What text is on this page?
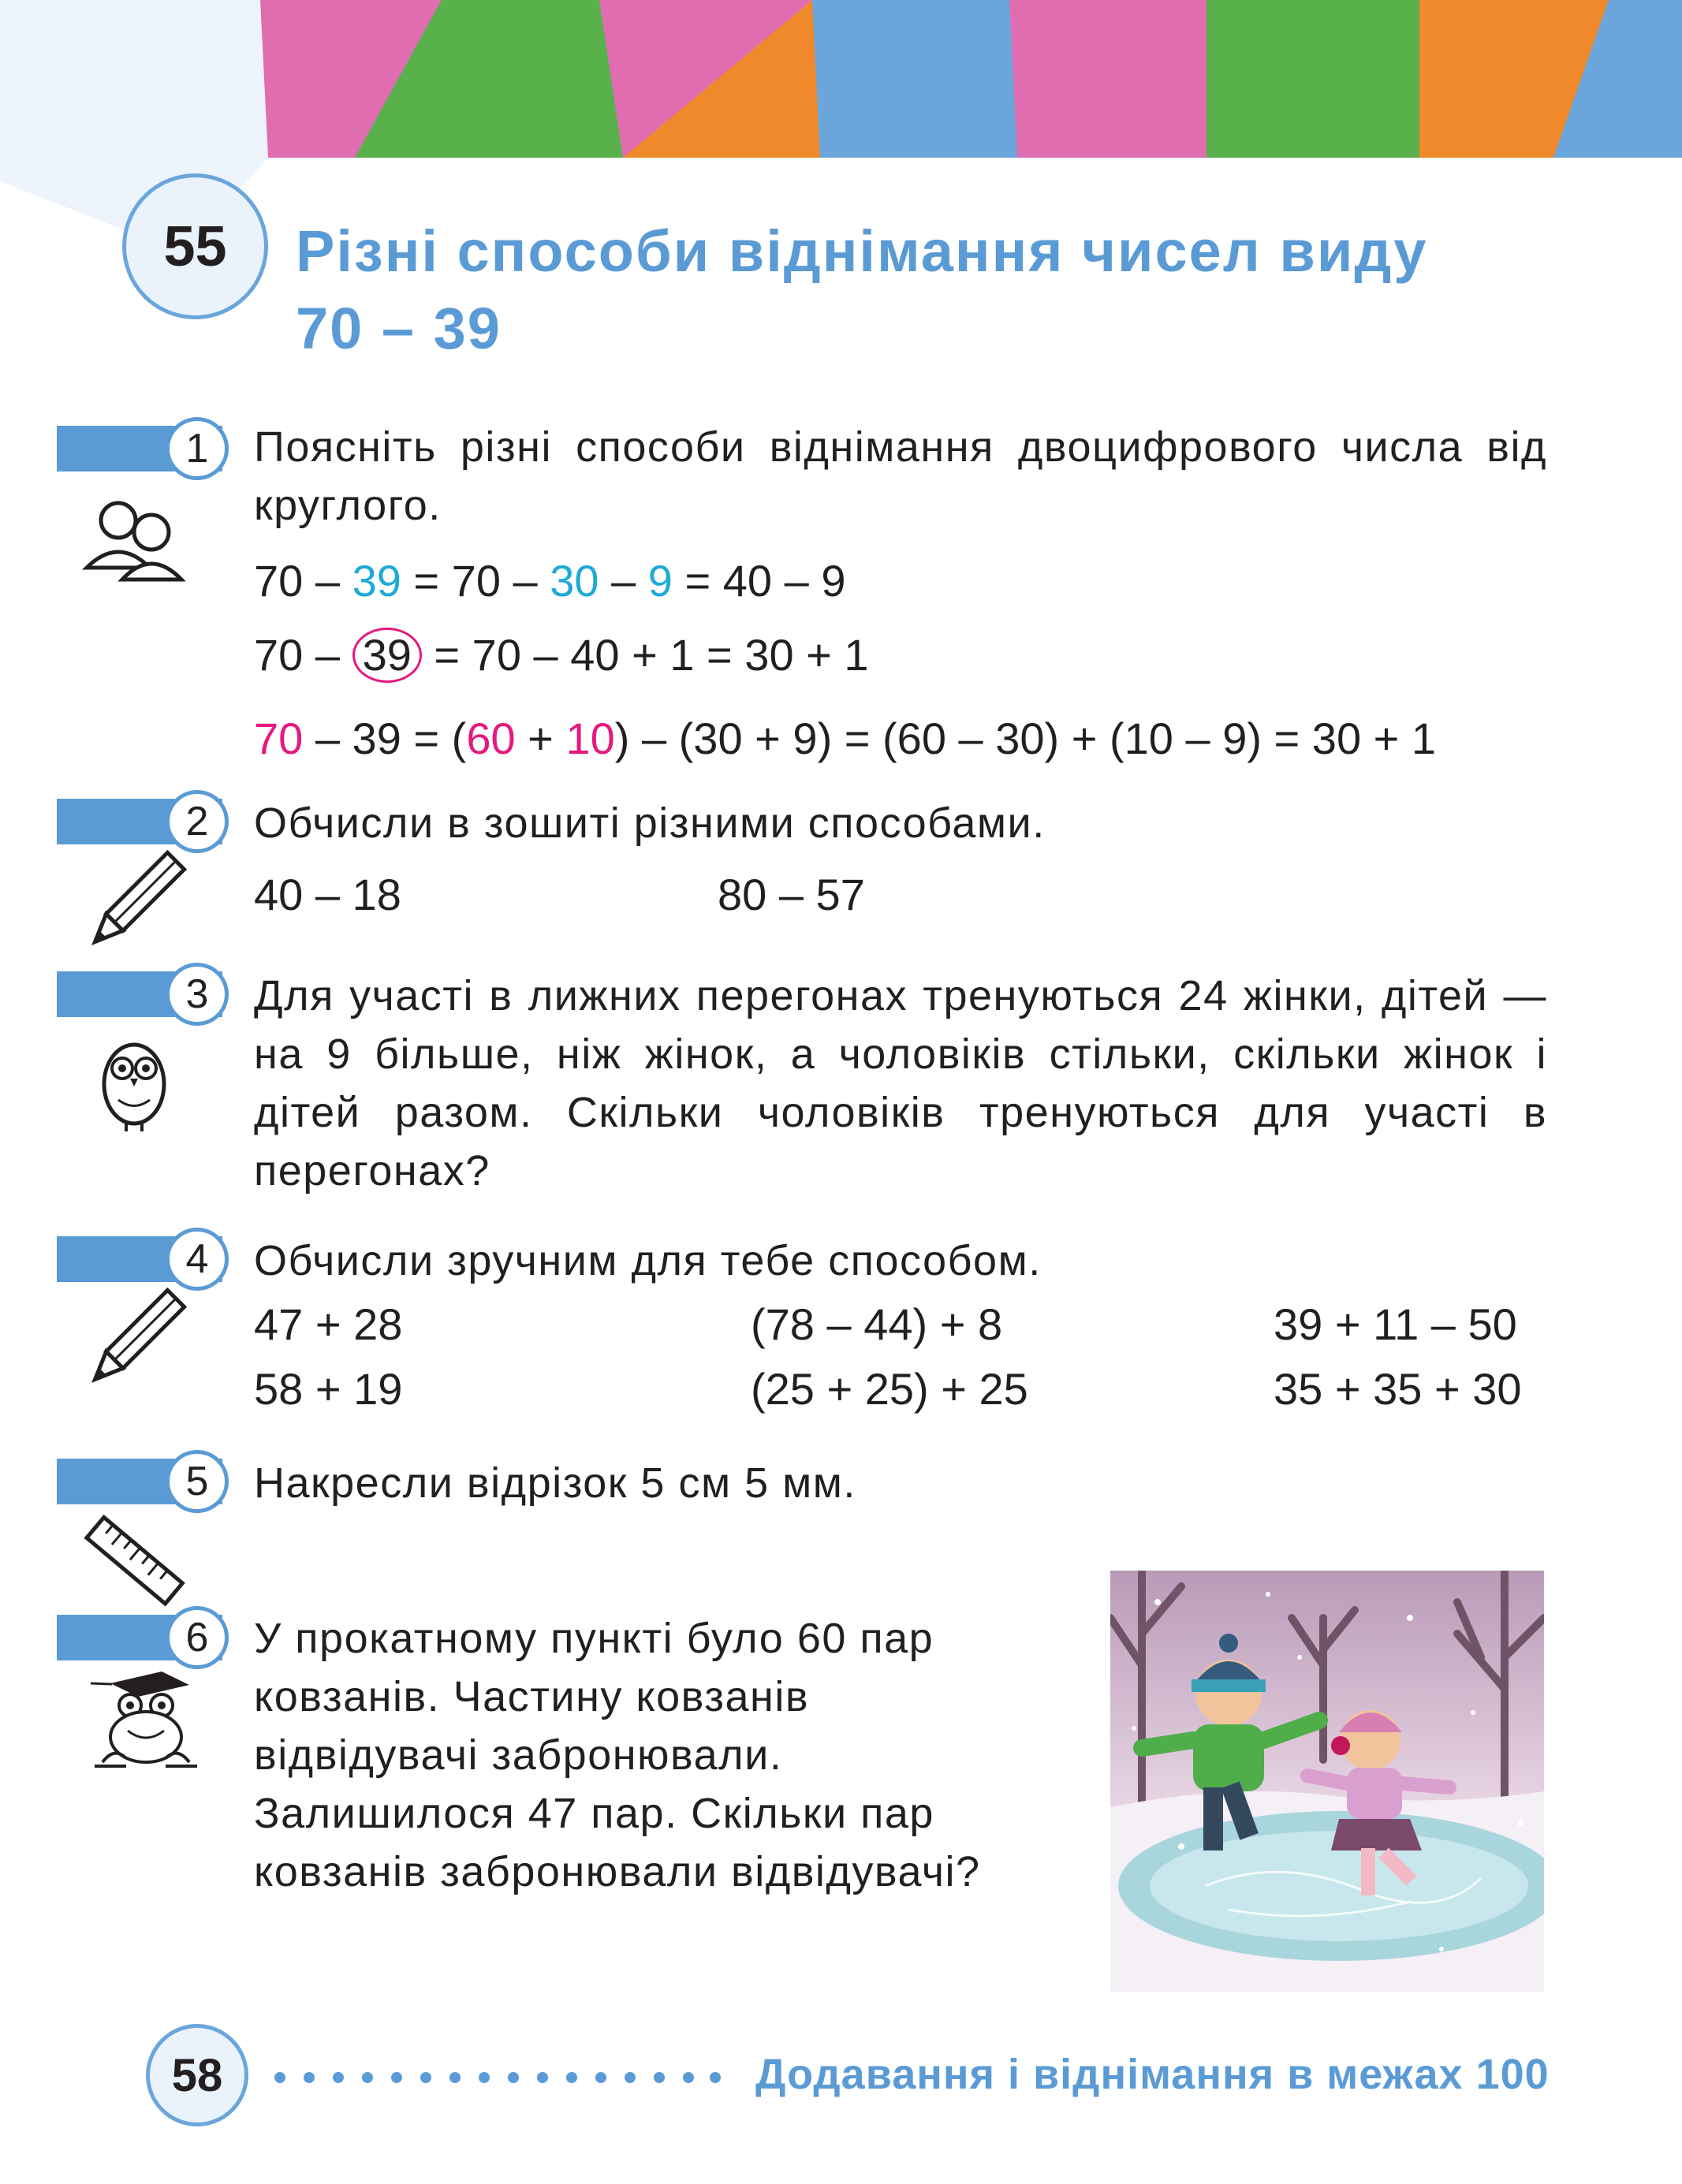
55	Різні способи віднімання чисел виду
70 – 39
1	Поясніть різні способи віднімання двоцифрового числа від круглого.
70 – 39 = 70 – 30 – 9 = 40 – 9
70 – 39 = 70 – 40 + 1 = 30 + 1
70 – 39 = (60 + 10) – (30 + 9) = (60 – 30) + (10 – 9) = 30 + 1
2	Обчисли в зошиті різними способами.
40 – 18	80 – 57
3	Для участі в лижних перегонах тренуються 24 жінки, дітей — на 9 більше, ніж жінок, а чоловіків стільки, скільки жінок і дітей разом. Скільки чоловіків тренуються для участі в перегонах?
4	Обчисли зручним для тебе способом.
47 + 28	(78 – 44) + 8	39 + 11 – 50
58 + 19	(25 + 25) + 25	35 + 35 + 30
5	Накресли відрізок 5 см 5 мм.
6	У прокатному пункті було 60 пар
ковзанів. Частину ковзанів
відвідувачі забронювали.
Залишилося 47 пар. Скільки пар
ковзанів забронювали відвідувачі?
58	Додавання і віднімання в межах 100
